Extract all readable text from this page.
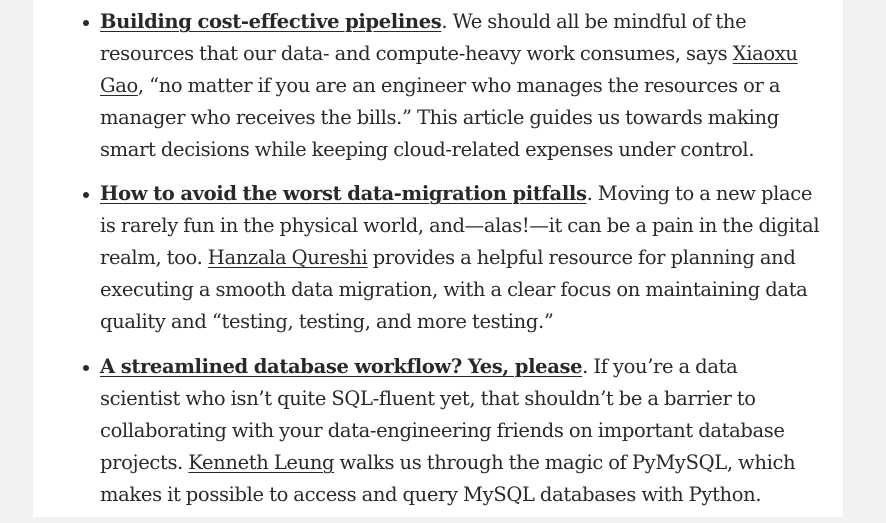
Building cost-effective pipelines. We should all be mindful of the resources that our data- and compute-heavy work consumes, says Xiaoxu Gao, “no matter if you are an engineer who manages the resources or a manager who receives the bills.” This article guides us towards making smart decisions while keeping cloud-related expenses under control.
How to avoid the worst data-migration pitfalls. Moving to a new place is rarely fun in the physical world, and—alas!—it can be a pain in the digital realm, too. Hanzala Qureshi provides a helpful resource for planning and executing a smooth data migration, with a clear focus on maintaining data quality and “testing, testing, and more testing.”
A streamlined database workflow? Yes, please. If you’re a data scientist who isn’t quite SQL-fluent yet, that shouldn’t be a barrier to collaborating with your data-engineering friends on important database projects. Kenneth Leung walks us through the magic of PyMySQL, which makes it possible to access and query MySQL databases with Python.
